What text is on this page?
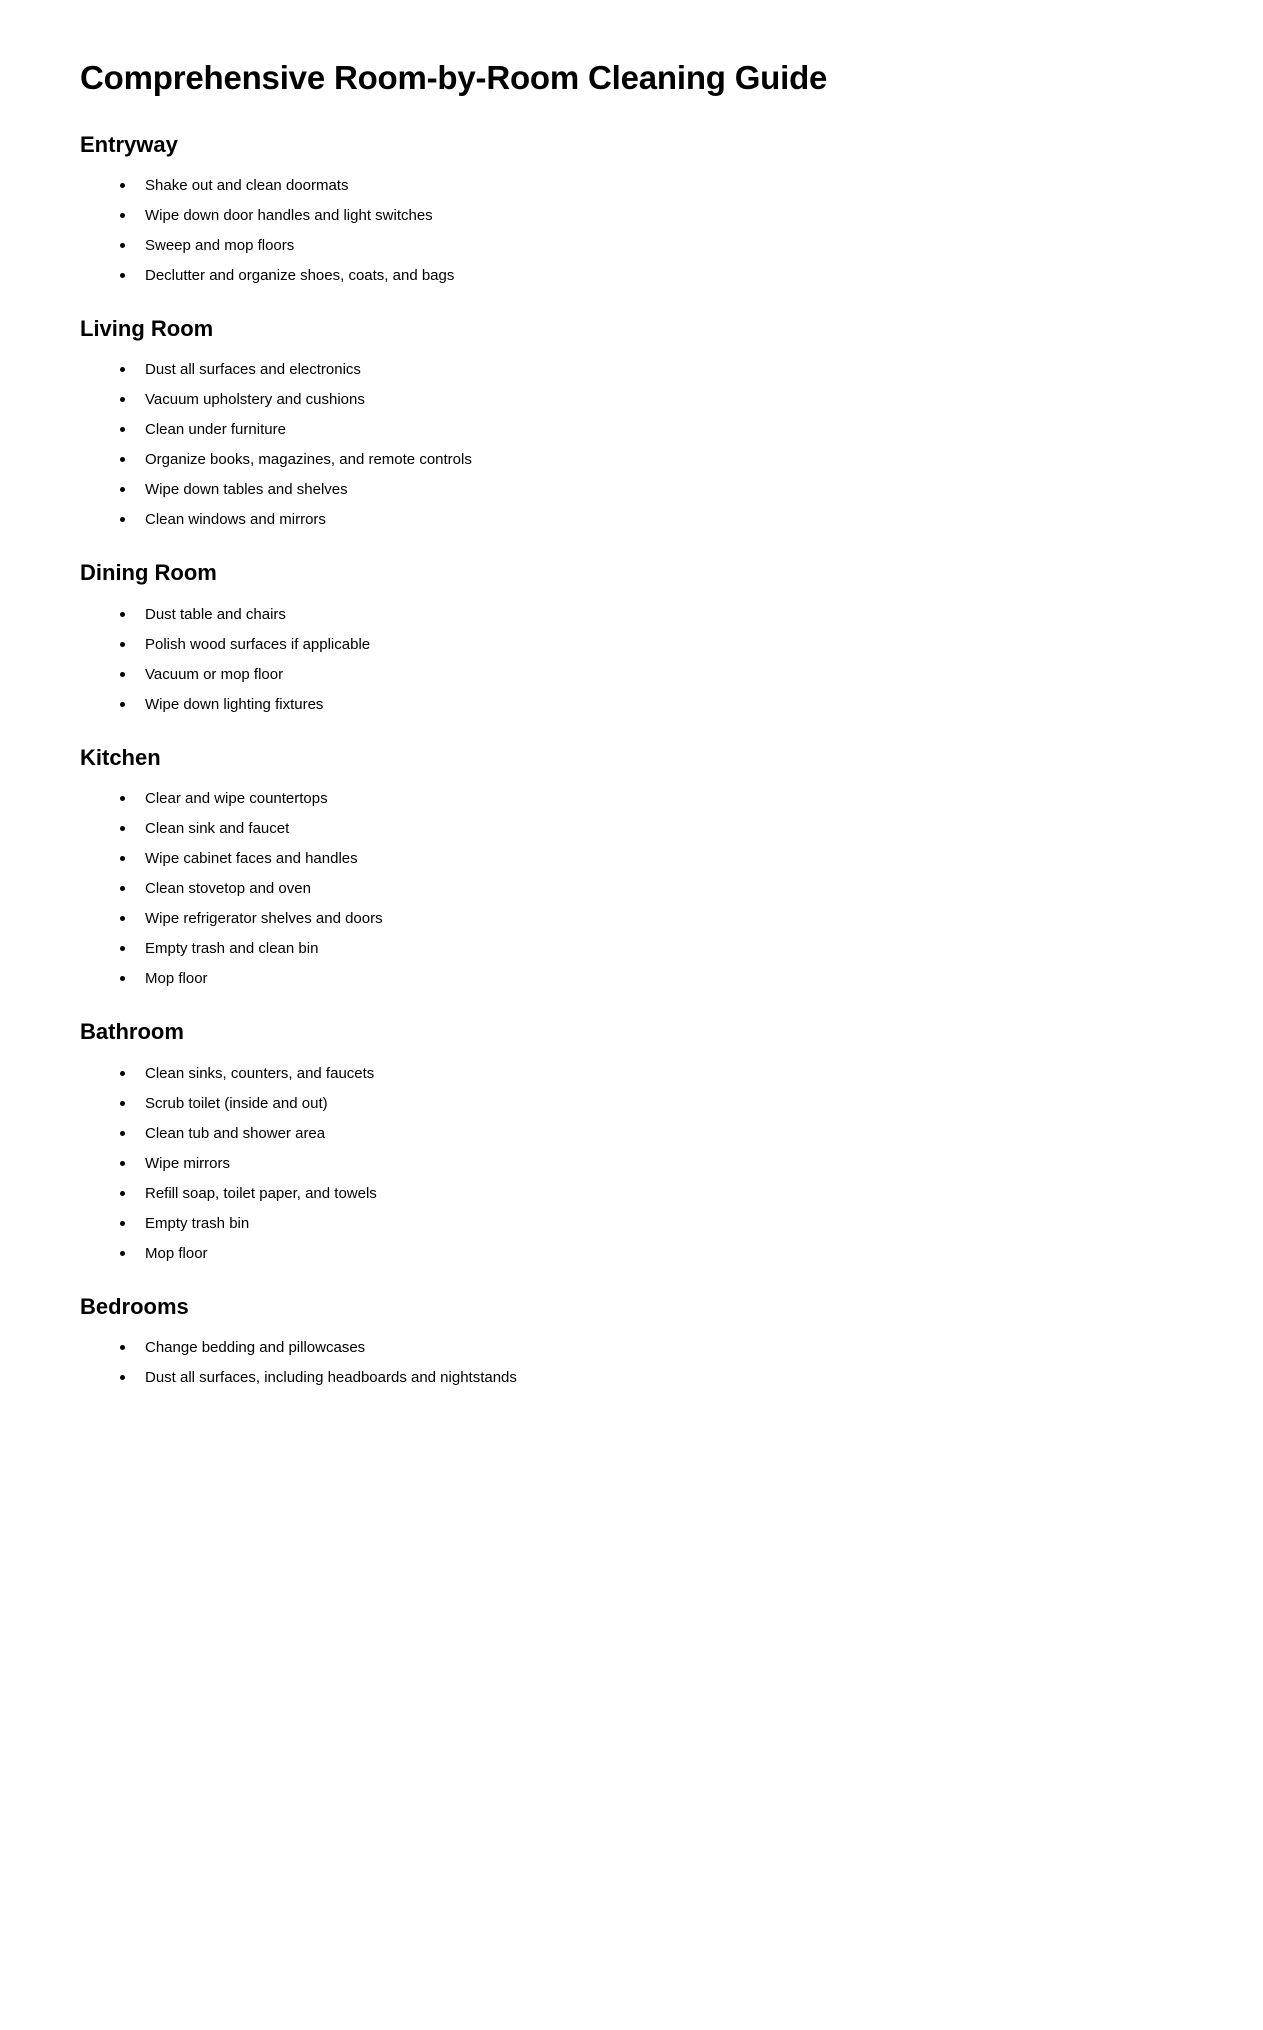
Comprehensive Room-by-Room Cleaning Guide
Entryway
Shake out and clean doormats
Wipe down door handles and light switches
Sweep and mop floors
Declutter and organize shoes, coats, and bags
Living Room
Dust all surfaces and electronics
Vacuum upholstery and cushions
Clean under furniture
Organize books, magazines, and remote controls
Wipe down tables and shelves
Clean windows and mirrors
Dining Room
Dust table and chairs
Polish wood surfaces if applicable
Vacuum or mop floor
Wipe down lighting fixtures
Kitchen
Clear and wipe countertops
Clean sink and faucet
Wipe cabinet faces and handles
Clean stovetop and oven
Wipe refrigerator shelves and doors
Empty trash and clean bin
Mop floor
Bathroom
Clean sinks, counters, and faucets
Scrub toilet (inside and out)
Clean tub and shower area
Wipe mirrors
Refill soap, toilet paper, and towels
Empty trash bin
Mop floor
Bedrooms
Change bedding and pillowcases
Dust all surfaces, including headboards and nightstands
